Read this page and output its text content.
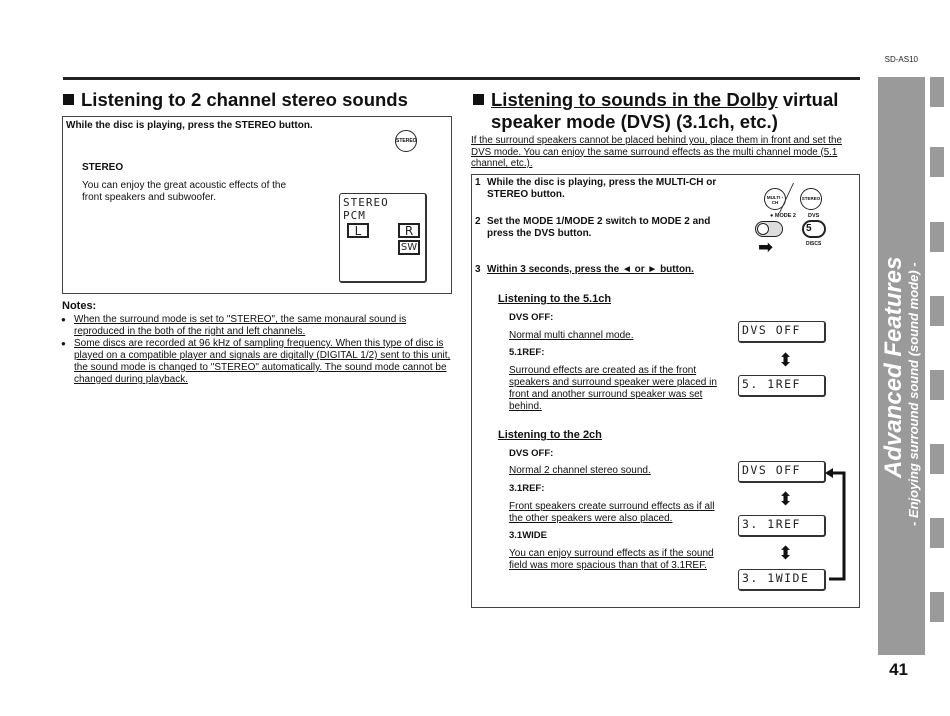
SD-AS10
Listening to 2 channel stereo sounds
While the disc is playing, press the STEREO button.
STEREO
STEREO
You can enjoy the great acoustic effects of the front speakers and subwoofer.	STEREO
PCM
L	R
SW
Notes:
● When the surround mode is set to "STEREO", the same monaural sound is reproduced in the both of the right and left channels.
● Some discs are recorded at 96 kHz of sampling frequency. When this type of disc is played on a compatible player and signals are digitally (DIGITAL 1/2) sent to this unit, the sound mode is changed to "STEREO" automatically. The sound mode cannot be changed during playback.
Listening to sounds in the Dolby virtual
speaker mode (DVS) (3.1ch, etc.)
If the surround speakers cannot be placed behind you, place them in front and set the DVS mode. You can enjoy the same surround effects as the multi channel mode (5.1 channel, etc.).
1 While the disc is playing, press the MULTI-CH or STEREO button.
2 Set the MODE 1/MODE 2 switch to MODE 2 and press the DVS button.
3 Within 3 seconds, press the ◄ or ► button.
MULTI -CH
STEREO
● MODE 2 DVS
5 DISCS
➡
Listening to the 5.1ch
DVS OFF:
Normal multi channel mode.
5.1REF:
Surround effects are created as if the front speakers and surround speaker were placed in front and another surround speaker was set behind.
DVS OFF
⬍
5. 1REF
Listening to the 2ch
DVS OFF:
Normal 2 channel stereo sound.
3.1REF:
Front speakers create surround effects as if all the other speakers were also placed.
3.1WIDE
You can enjoy surround effects as if the sound field was more spacious than that of 3.1REF.
DVS OFF
⬍
3. 1REF
⬍
3. 1WIDE
Advanced Features - Enjoying surround sound (sound mode) -
41
